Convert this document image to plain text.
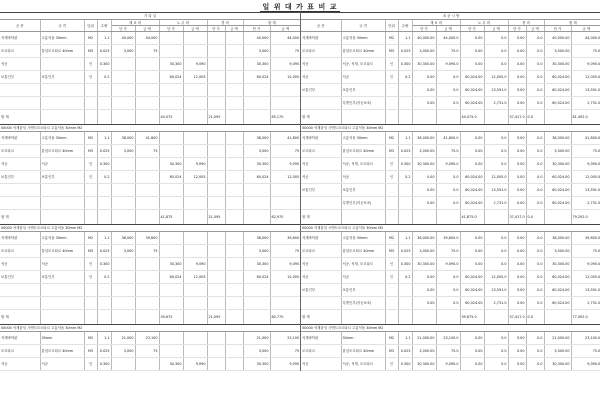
일 위 대 가 표 비 교
기 타 실											
공 종	규 격	단위	수량	재 료 비		노 무 비		경 비		합 계	
				단 가	금 액	단 가	금 액	단 가	금 액	단 가	금 액
석재바닥판	고흥석돌 30mm	M2	1.1	40,000	44,000					40,000	44,000
모르타르	붙임모르타르 40mm	M3	0.025	3,000	75					3,000	75
석공		인	0.300			30,300	9,090			30,300	9,090
보통인부	보통인부	인	0.2			60,024	12,005			60,024	12,005

합 계						44,075		21,095			65,170
00000 석재붙임 시멘트모르타르 고흥석돌 30mm M2											
석재바닥판	고흥석돌 30mm	M2	1.1	38,000	41,800					38,000	41,800
모르타르	붙임모르타르 40mm	M3	0.025	3,000	75					3,000	75
석공	석공	인	0.300			30,300	9,090			30,300	9,090
보통인부	보통인부	인	0.2			60,024	12,005			60,024	12,005

합 계						41,875		21,095			62,970
00000 석재붙임 시멘트모르타르 고흥석돌 30mm M2											
석재바닥판	고흥석돌 30mm	M2	1.1	36,000	39,600					36,000	39,600
모르타르	붙임모르타르 40mm	M3	0.025	3,000	75					3,000	75
석공	석공	인	0.300			30,300	9,090			30,300	9,090
보통인부	보통인부	인	0.2			60,024	12,005			60,024	12,005

합 계						39,675		21,095			60,770
00000 석재붙임 시멘트모르타르 고흥석돌 30mm M2											
석재바닥판	30mm	M2	1.1	21,000	23,100					21,000	23,100
모르타르	붙임모르타르 40mm	M3	0.025	3,000	75					3,000	75
석공	석공	인	0.300			30,300	9,090			30,300	9,090
표 준 시 방											
공 종	규 격	단위	수량	재 료 비		노 무 비		경 비		합 계	
				단 가	금 액	단 가	금 액	단 가	금 액	단 가	금 액
석재바닥판	고흥석돌 30mm	M2	1.1	40,000.00	44,000.0	0.00	0.0	0.00	0.0	40,000.00	44,000.0
모르타르	붙임모르타르 40mm	M3	0.025	3,000.00	75.0	0.00	0.0	0.00	0.0	3,000.00	75.0
석공	석공, 석재, 모르타르	인	0.300	30,300.00	9,090.0	0.00	0.0	0.00	0.0	30,300.00	9,090.0
석공	석공	인	0.2	0.00	0.0	60,024.00	12,005.0	0.00	0.0	60,024.00	12,005.0
보통인부	보통인부			0.00	0.0	60,024.00	13,591.0	0.00	0.0	60,024.00	13,591.0
	특별인부(석공보조)			0.00	0.0	60,024.00	2,731.0	0.00	0.0	60,024.00	2,731.0
합 계						44,075.0		37,417.0	0.0		81,492.0
00000 석재붙임 시멘트모르타르 고흥석돌 30mm M2											
석재바닥판	고흥석돌 30mm	M2	1.1	38,000.00	41,800.0	0.00	0.0	0.00	0.0	38,000.00	41,800.0
모르타르	붙임모르타르 40mm	M3	0.025	3,000.00	75.0	0.00	0.0	0.00	0.0	3,000.00	75.0
석공	석공, 석재, 모르타르	인	0.300	30,300.00	9,090.0	0.00	0.0	0.00	0.0	30,300.00	9,090.0
석공	석공	인	0.2	0.00	0.0	60,024.00	12,005.0	0.00	0.0	60,024.00	12,005.0
보통인부	보통인부			0.00	0.0	60,024.00	13,591.0	0.00	0.0	60,024.00	13,591.0
	특별인부(석공보조)			0.00	0.0	60,024.00	2,731.0	0.00	0.0	60,024.00	2,731.0
합 계						41,875.0		37,417.0	0.0		79,292.0
00000 석재붙임 시멘트모르타르 고흥석돌 30mm M2											
석재바닥판	고흥석돌 30mm	M2	1.1	36,000.00	39,600.0	0.00	0.0	0.00	0.0	36,000.00	39,600.0
모르타르	붙임모르타르 40mm	M3	0.025	3,000.00	75.0	0.00	0.0	0.00	0.0	3,000.00	75.0
석공	석공, 석재, 모르타르	인	0.300	30,300.00	9,090.0	0.00	0.0	0.00	0.0	30,300.00	9,090.0
석공	석공	인	0.2	0.00	0.0	60,024.00	12,005.0	0.00	0.0	60,024.00	12,005.0
보통인부	보통인부			0.00	0.0	60,024.00	13,591.0	0.00	0.0	60,024.00	13,591.0
	특별인부(석공보조)			0.00	0.0	60,024.00	2,731.0	0.00	0.0	60,024.00	2,731.0
합 계						39,675.0		37,417.0	0.0		77,092.0
00000 석재붙임 시멘트모르타르 고흥석돌 30mm M2											
석재바닥판	30mm	M2	1.1	21,000.00	23,100.0	0.00	0.0	0.00	0.0	21,000.00	23,100.0
모르타르	붙임모르타르 40mm	M3	0.025	3,000.00	75.0	0.00	0.0	0.00	0.0	3,000.00	75.0
석공	석공, 석재, 모르타르	인	0.300	30,300.00	9,090.0	0.00	0.0	0.00	0.0	30,300.00	9,090.0
